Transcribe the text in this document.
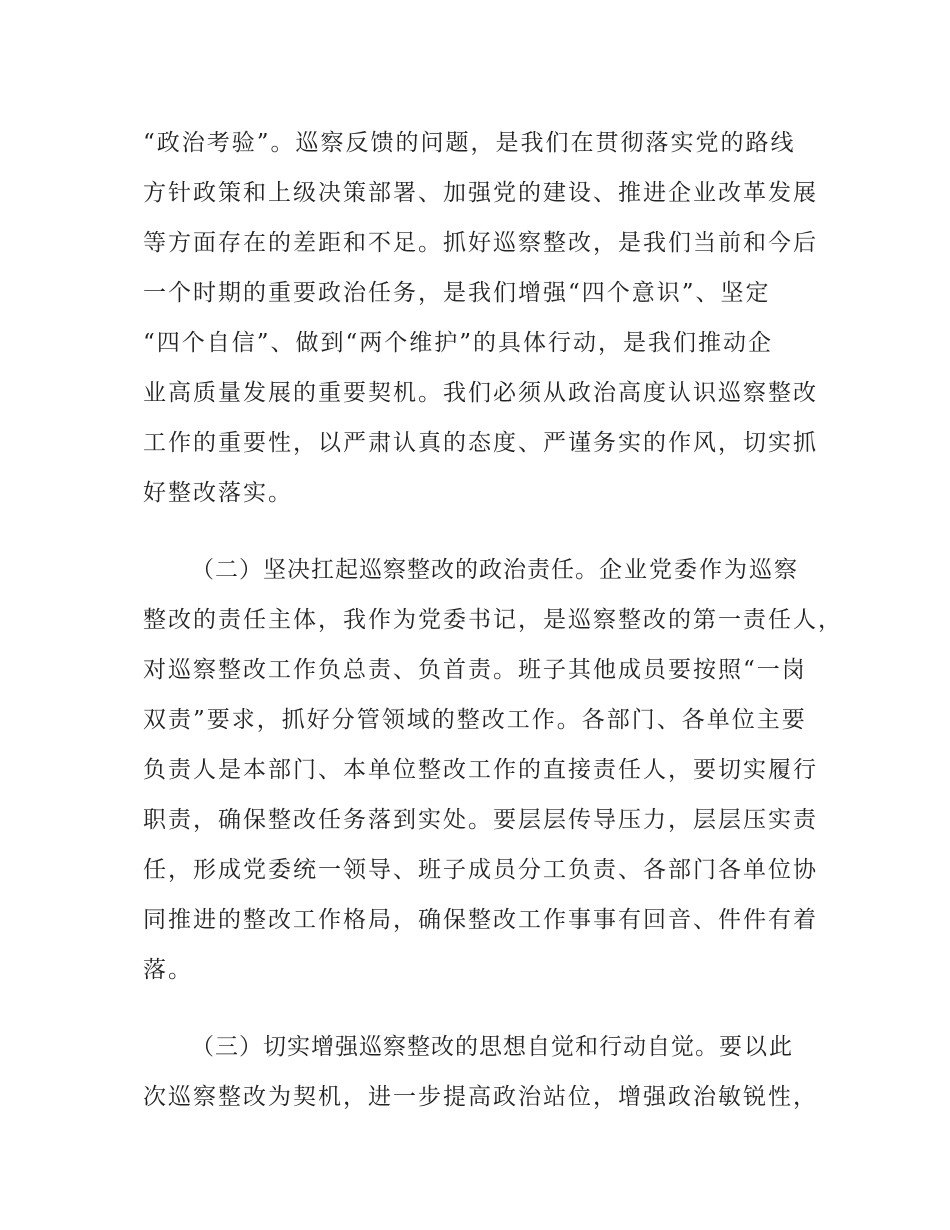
“政治考验”。巡察反馈的问题，是我们在贯彻落实党的路线
方针政策和上级决策部署、加强党的建设、推进企业改革发展
等方面存在的差距和不足。抓好巡察整改，是我们当前和今后
一个时期的重要政治任务，是我们增强“四个意识”、坚定
“四个自信”、做到“两个维护”的具体行动，是我们推动企
业高质量发展的重要契机。我们必须从政治高度认识巡察整改
工作的重要性，以严肃认真的态度、严谨务实的作风，切实抓
好整改落实。
（二）坚决扛起巡察整改的政治责任。企业党委作为巡察
整改的责任主体，我作为党委书记，是巡察整改的第一责任人，
对巡察整改工作负总责、负首责。班子其他成员要按照“一岗
双责”要求，抓好分管领域的整改工作。各部门、各单位主要
负责人是本部门、本单位整改工作的直接责任人，要切实履行
职责，确保整改任务落到实处。要层层传导压力，层层压实责
任，形成党委统一领导、班子成员分工负责、各部门各单位协
同推进的整改工作格局，确保整改工作事事有回音、件件有着
落。
（三）切实增强巡察整改的思想自觉和行动自觉。要以此
次巡察整改为契机，进一步提高政治站位，增强政治敏锐性，
